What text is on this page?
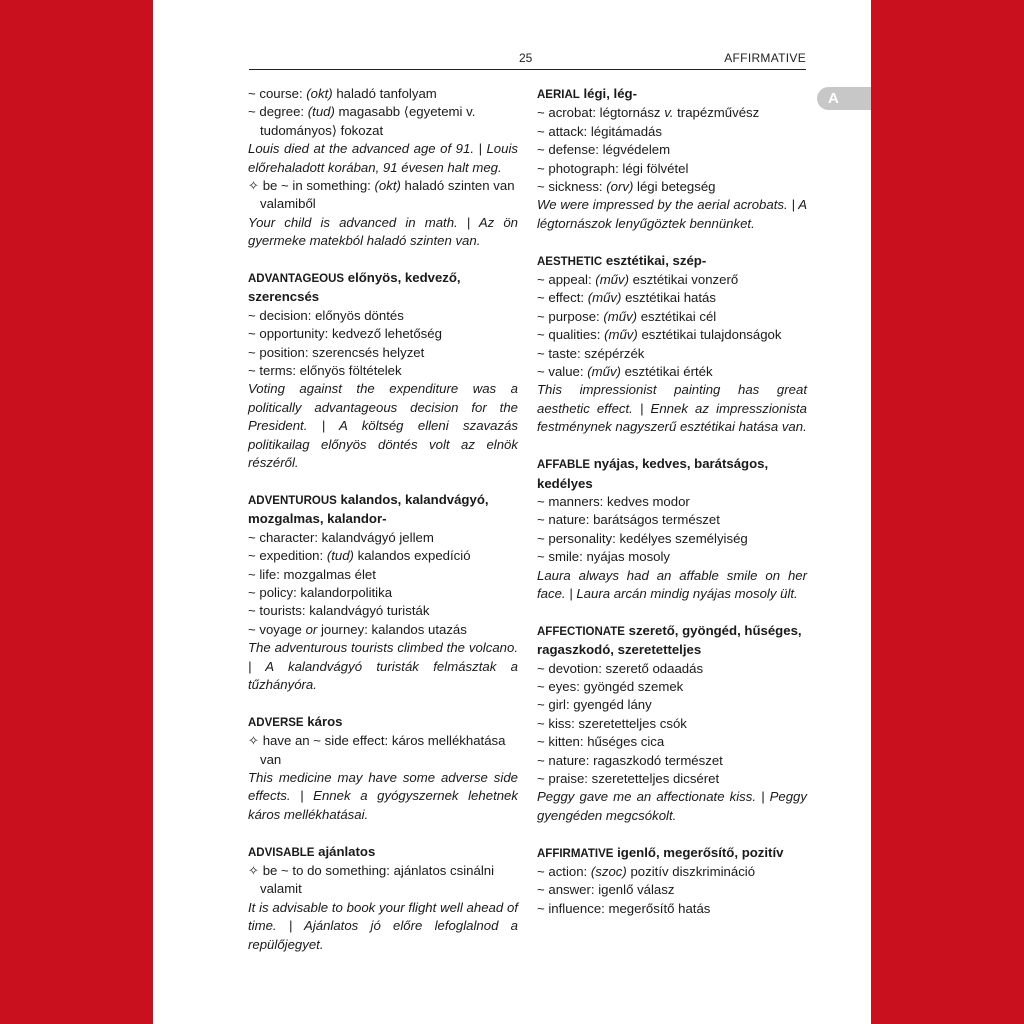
25	AFFIRMATIVE
A
~ course: (okt) haladó tanfolyam
~ degree: (tud) magasabb ⟨egyetemi v. tudományos⟩ fokozat
Louis died at the advanced age of 91. | Louis előrehaladott korában, 91 évesen halt meg.
✧ be ~ in something: (okt) haladó szinten van valamiből
Your child is advanced in math. | Az ön gyermeke matekból haladó szinten van.
ADVANTAGEOUS előnyös, kedvező, szerencsés
~ decision: előnyös döntés
~ opportunity: kedvező lehetőség
~ position: szerencsés helyzet
~ terms: előnyös föltételek
Voting against the expenditure was a politically advantageous decision for the President. | A költség elleni szavazás politikailag előnyös döntés volt az elnök részéről.
ADVENTUROUS kalandos, kalandvágyó, mozgalmas, kalandor-
~ character: kalandvágyó jellem
~ expedition: (tud) kalandos expedíció
~ life: mozgalmas élet
~ policy: kalandorpolitika
~ tourists: kalandvágyó turisták
~ voyage or journey: kalandos utazás
The adventurous tourists climbed the volcano. | A kalandvágyó turisták felmásztak a tűzhányóra.
ADVERSE káros
✧ have an ~ side effect: káros mellékhatása van
This medicine may have some adverse side effects. | Ennek a gyógyszernek lehetnek káros mellékhatásai.
ADVISABLE ajánlatos
✧ be ~ to do something: ajánlatos csinálni valamit
It is advisable to book your flight well ahead of time. | Ajánlatos jó előre lefoglalnod a repülőjegyet.
AERIAL légi, lég-
~ acrobat: légtornász v. trapézművész
~ attack: légitámadás
~ defense: légvédelem
~ photograph: légi fölvétel
~ sickness: (orv) légi betegség
We were impressed by the aerial acrobats. | A légtornászok lenyűgöztek bennünket.
AESTHETIC esztétikai, szép-
~ appeal: (műv) esztétikai vonzerő
~ effect: (műv) esztétikai hatás
~ purpose: (műv) esztétikai cél
~ qualities: (műv) esztétikai tulajdonságok
~ taste: szépérzék
~ value: (műv) esztétikai érték
This impressionist painting has great aesthetic effect. | Ennek az impresszionista festménynek nagyszerű esztétikai hatása van.
AFFABLE nyájas, kedves, barátságos, kedélyes
~ manners: kedves modor
~ nature: barátságos természet
~ personality: kedélyes személyiség
~ smile: nyájas mosoly
Laura always had an affable smile on her face. | Laura arcán mindig nyájas mosoly ült.
AFFECTIONATE szerető, gyöngéd, hűséges, ragaszkodó, szeretetteljes
~ devotion: szerető odaadás
~ eyes: gyöngéd szemek
~ girl: gyengéd lány
~ kiss: szeretetteljes csók
~ kitten: hűséges cica
~ nature: ragaszkodó természet
~ praise: szeretetteljes dicséret
Peggy gave me an affectionate kiss. | Peggy gyengéden megcsókolt.
AFFIRMATIVE igenlő, megerősítő, pozitív
~ action: (szoc) pozitív diszkrimináció
~ answer: igenlő válasz
~ influence: megerősítő hatás
